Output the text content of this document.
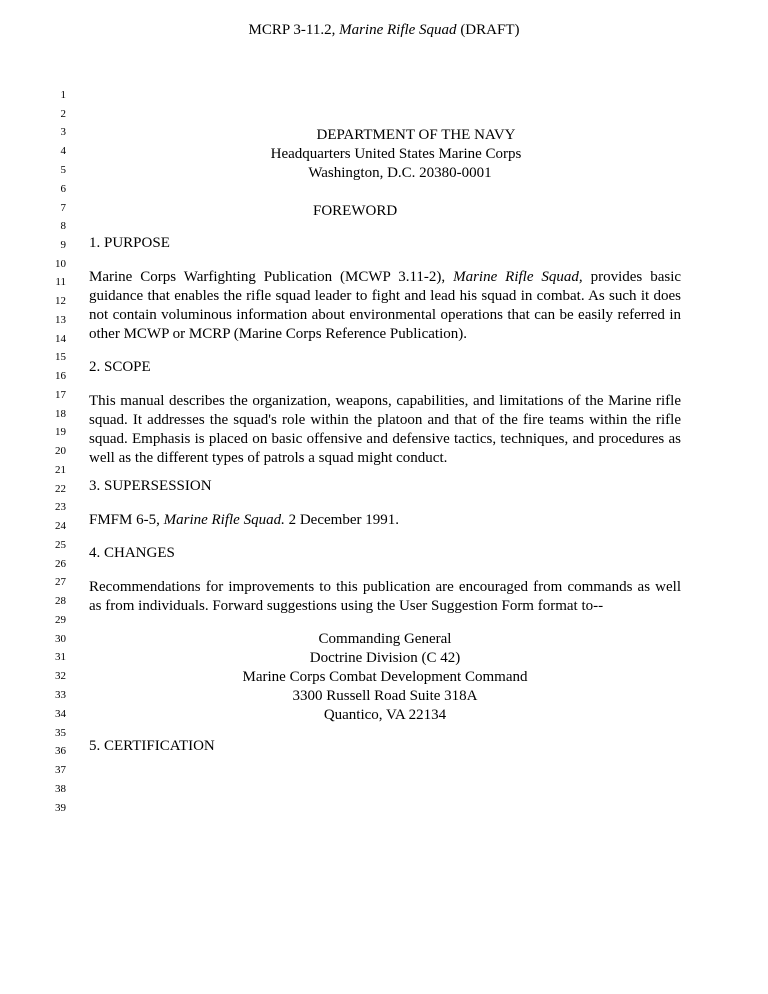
MCRP 3-11.2, Marine Rifle Squad (DRAFT)
1
2
3
4
5
6
7
8
9
10
11
12
13
14
15
16
17
18
19
20
21
22
23
24
25
26
27
28
29
30
31
32
33
34
35
36
37
38
39
DEPARTMENT OF THE NAVY
Headquarters United States Marine Corps
Washington, D.C. 20380-0001
FOREWORD
1. PURPOSE
Marine Corps Warfighting Publication (MCWP 3.11-2), Marine Rifle Squad, provides basic
guidance that enables the rifle squad leader to fight and lead his squad in combat. As such it does
not contain voluminous information about environmental operations that can be easily referred in
other MCWP or MCRP (Marine Corps Reference Publication).
2. SCOPE
This manual describes the organization, weapons, capabilities, and limitations of the Marine rifle
squad. It addresses the squad's role within the platoon and that of the fire teams within the rifle
squad. Emphasis is placed on basic offensive and defensive tactics, techniques, and procedures as
well as the different types of patrols a squad might conduct.
3. SUPERSESSION
FMFM 6-5, Marine Rifle Squad. 2 December 1991.
4. CHANGES
Recommendations for improvements to this publication are encouraged from commands as well
as from individuals. Forward suggestions using the User Suggestion Form format to--
Commanding General
Doctrine Division (C 42)
Marine Corps Combat Development Command
3300 Russell Road Suite 318A
Quantico, VA 22134
5. CERTIFICATION
